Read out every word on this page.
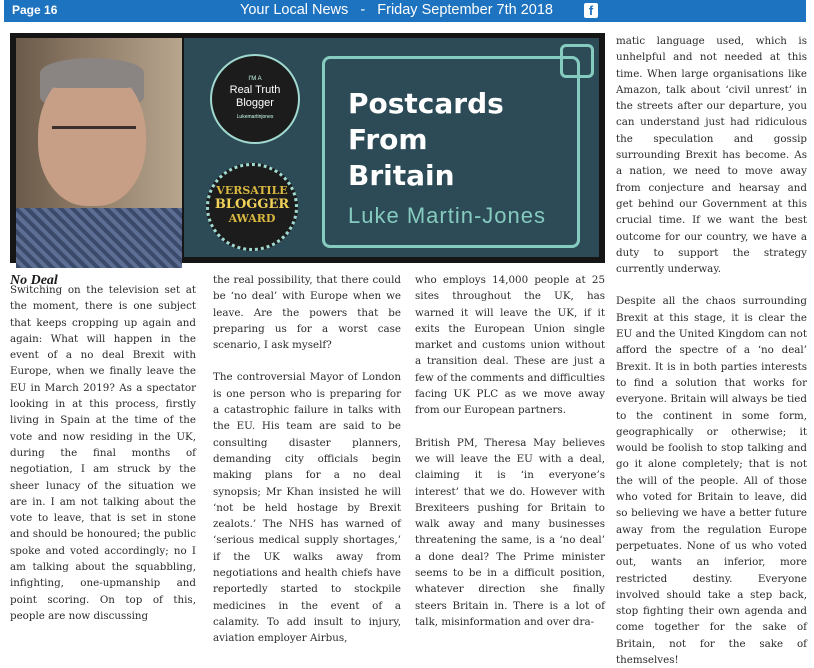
Page 16	Your Local News   -   Friday September 7th 2018	f
I'M A
Real Truth Blogger
Lukemartinjones
VERSATILE
BLOGGER
AWARD
Postcards
From
Britain
Luke Martin-Jones
No Deal

Switching on the television set at the moment, there is one subject that keeps cropping up again and again: What will happen in the event of a no deal Brexit with Europe, when we finally leave the EU in March 2019? As a spectator looking in at this process, firstly living in Spain at the time of the vote and now residing in the UK, during the final months of negotiation, I am struck by the sheer lunacy of the situation we are in. I am not talking about the vote to leave, that is set in stone and should be honoured; the public spoke and voted accordingly; no I am talking about the squabbling, infighting, one-upmanship and point scoring. On top of this, people are now discussing

the real possibility, that there could be ‘no deal’ with Europe when we leave. Are the powers that be preparing us for a worst case scenario, I ask myself?

The controversial Mayor of London is one person who is preparing for a catastrophic failure in talks with the EU. His team are said to be consulting disaster planners, demanding city officials begin making plans for a no deal synopsis; Mr Khan insisted he will ‘not be held hostage by Brexit zealots.’ The NHS has warned of ‘serious medical supply shortages,’ if the UK walks away from negotiations and health chiefs have reportedly started to stockpile medicines in the event of a calamity. To add insult to injury, aviation employer Airbus,

who employs 14,000 people at 25 sites throughout the UK, has warned it will leave the UK, if it exits the European Union single market and customs union without a transition deal. These are just a few of the comments and difficulties facing UK PLC as we move away from our European partners.

British PM, Theresa May believes we will leave the EU with a deal, claiming it is ‘in everyone’s interest’ that we do. However with Brexiteers pushing for Britain to walk away and many businesses threatening the same, is a ‘no deal’ a done deal? The Prime minister seems to be in a difficult position, whatever direction she finally steers Britain in. There is a lot of talk, misinformation and over dra-

matic language used, which is unhelpful and not needed at this time. When large organisations like Amazon, talk about ‘civil unrest’ in the streets after our departure, you can understand just had ridiculous the speculation and gossip surrounding Brexit has become. As a nation, we need to move away from conjecture and hearsay and get behind our Government at this crucial time. If we want the best outcome for our country, we have a duty to support the strategy currently underway.

Despite all the chaos surrounding Brexit at this stage, it is clear the EU and the United Kingdom can not afford the spectre of a ‘no deal’ Brexit. It is in both parties interests to find a solution that works for everyone. Britain will always be tied to the continent in some form, geographically or otherwise; it would be foolish to stop talking and go it alone completely; that is not the will of the people. All of those who voted for Britain to leave, did so believing we have a better future away from the regulation Europe perpetuates. None of us who voted out, wants an inferior, more restricted destiny. Everyone involved should take a step back, stop fighting their own agenda and come together for the sake of Britain, not for the sake of themselves!
